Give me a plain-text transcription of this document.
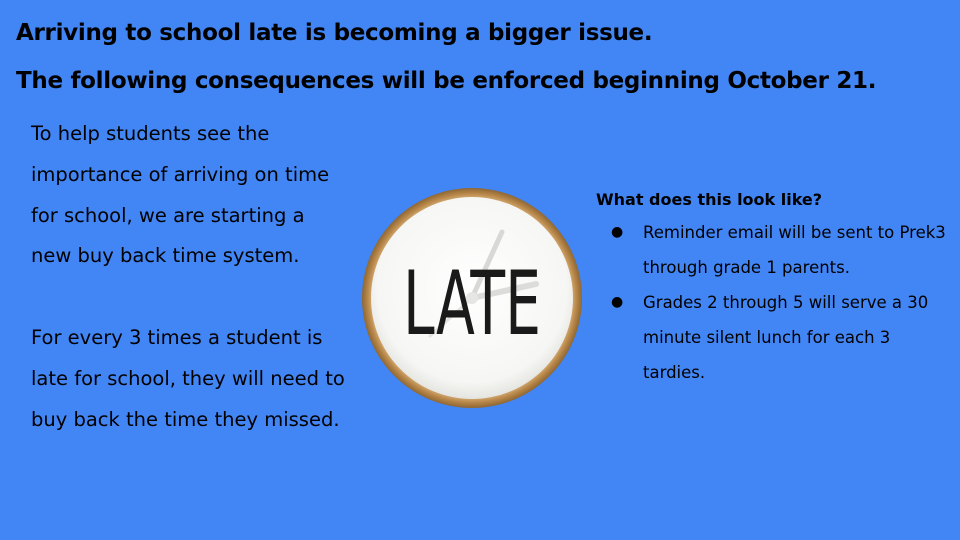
Arriving to school late is becoming a bigger issue.
The following consequences will be enforced beginning October 21.

To help students see the importance of arriving on time for school, we are starting a new buy back time system.

For every 3 times a student is late for school, they will need to buy back the time they missed.

LATE
What does this look like?
● Reminder email will be sent to Prek3 through grade 1 parents.
● Grades 2 through 5 will serve a 30 minute silent lunch for each 3 tardies.
